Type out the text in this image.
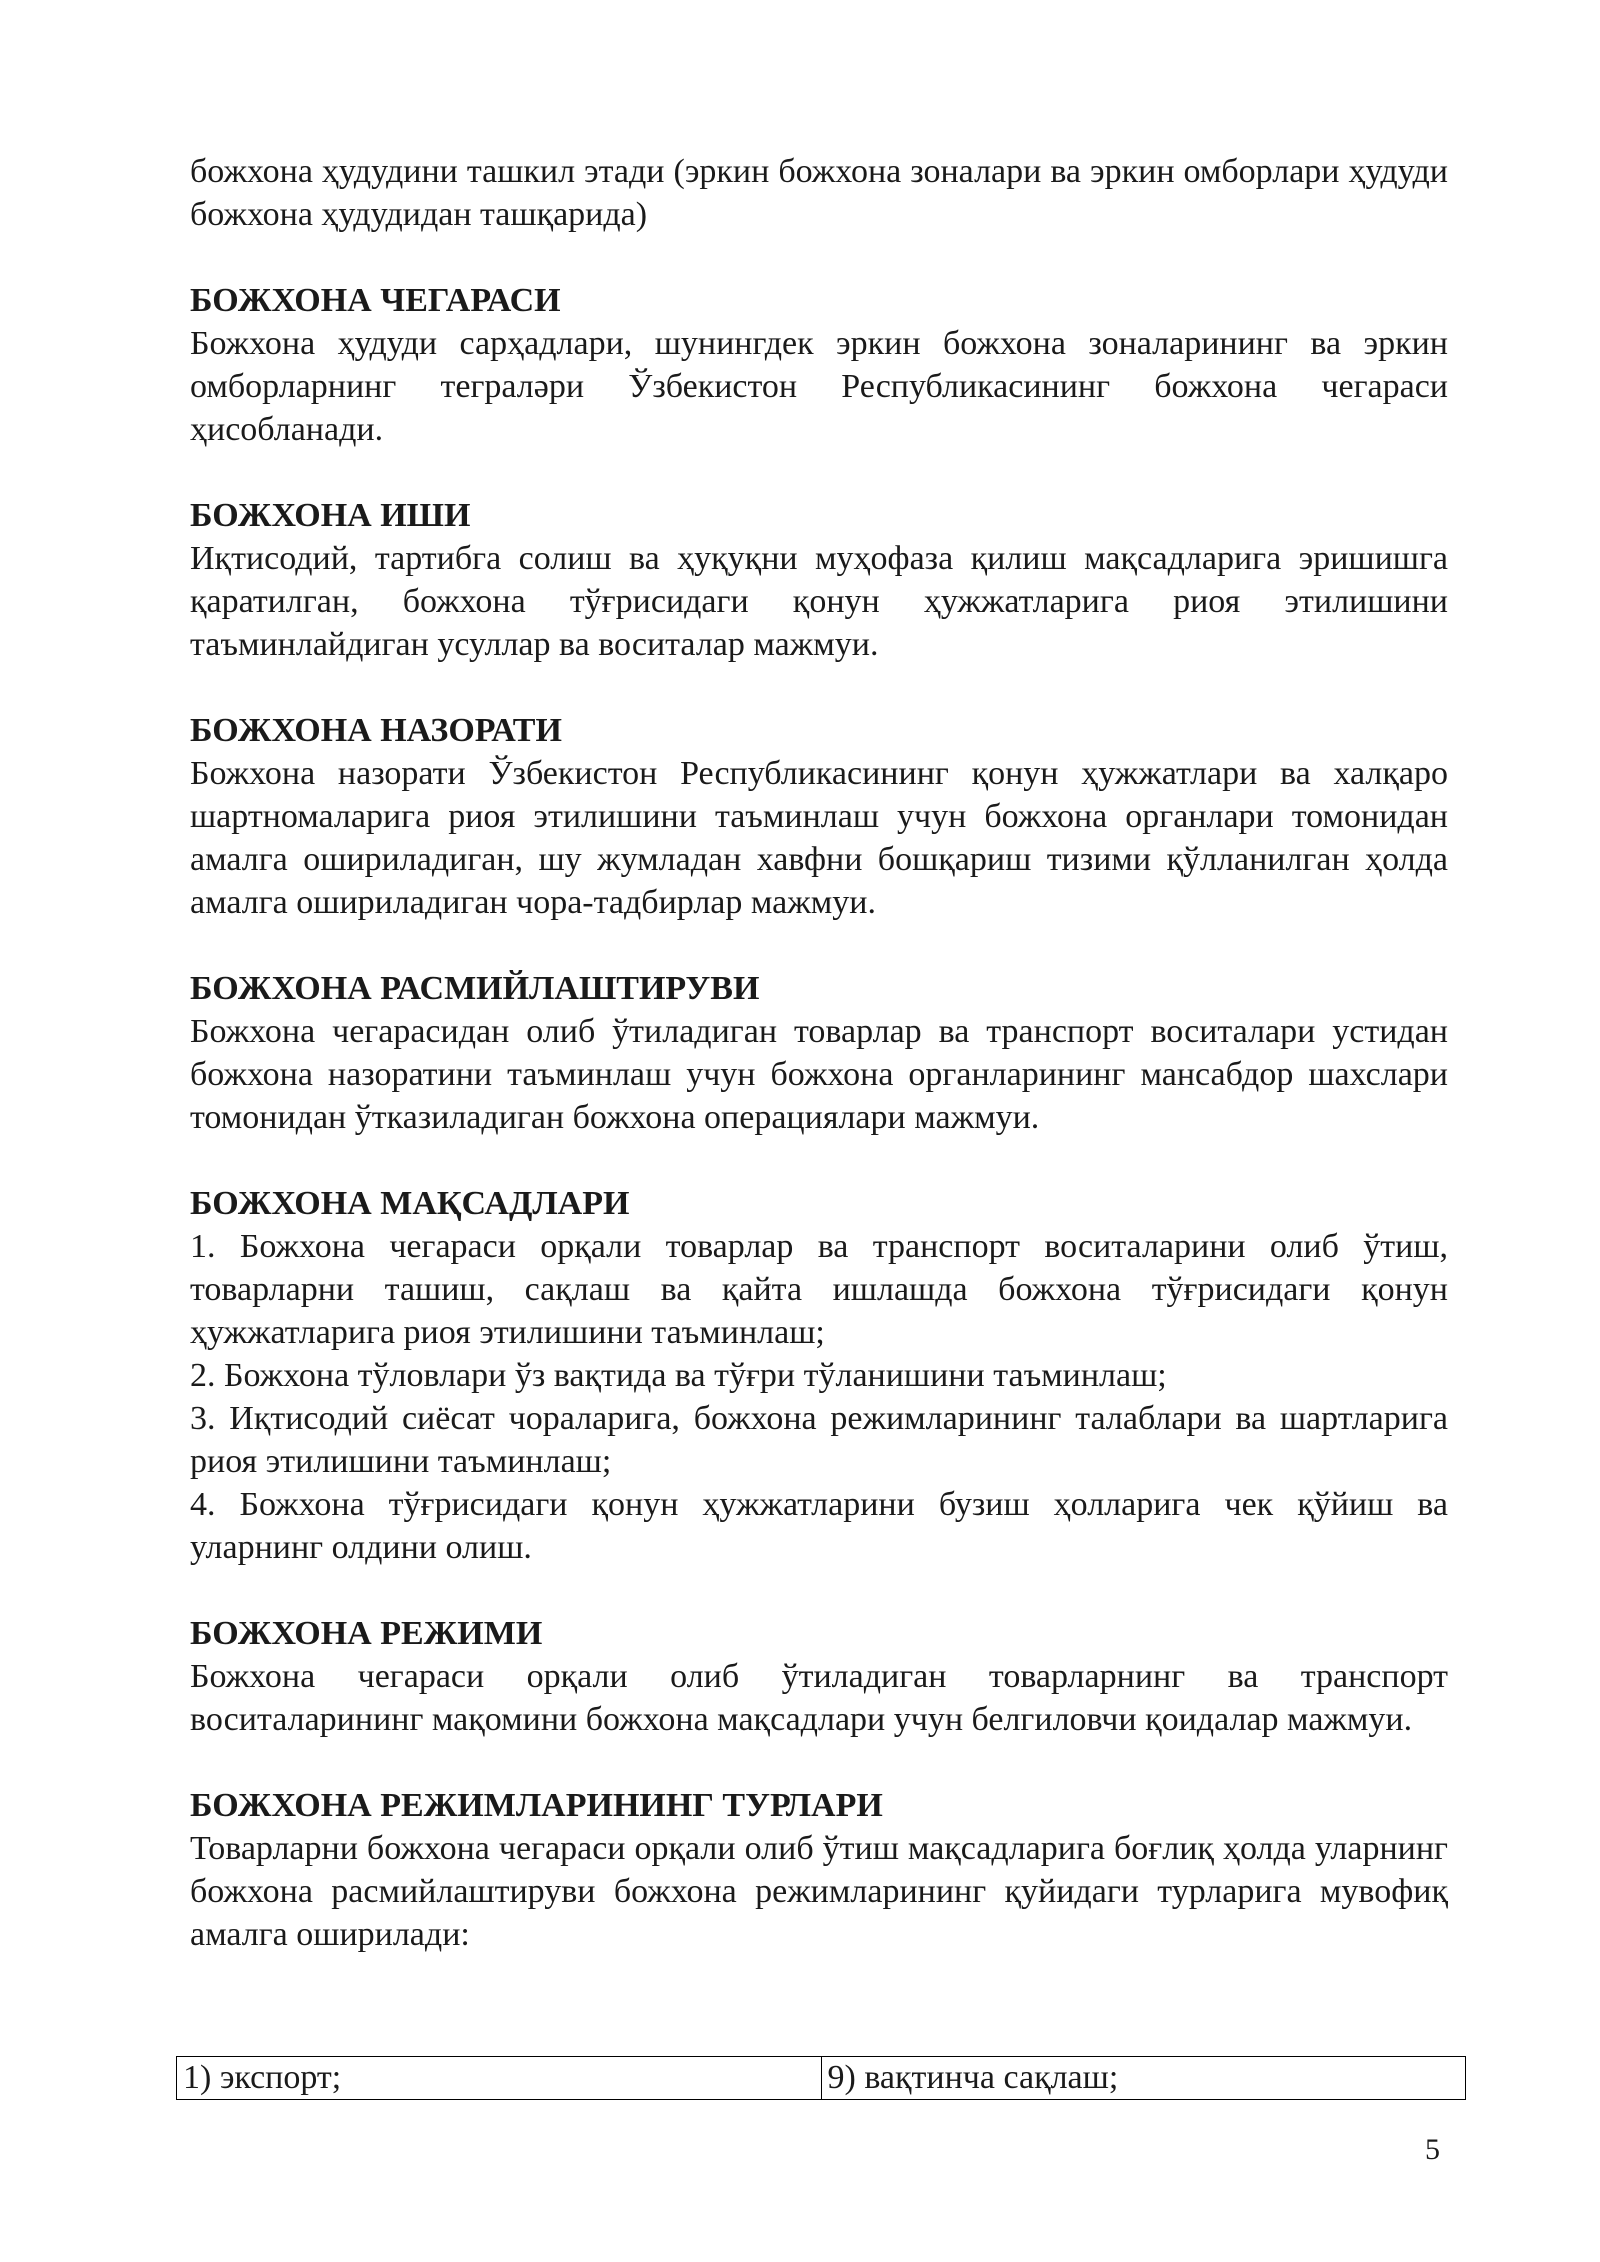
божхона ҳудудини ташкил этади (эркин божхона зоналари ва эркин омборлари ҳудуди божхона ҳудудидан ташқарида)

БОЖХОНА ЧЕГАРАСИ

Божхона ҳудуди сарҳадлари, шунингдек эркин божхона зоналарининг ва эркин омборларнинг теграләри Ўзбекистон Республикасининг божхона чегараси ҳисобланади.

БОЖХОНА ИШИ

Иқтисодий, тартибга солиш ва ҳуқуқни муҳофаза қилиш мақсадларига эришишга қаратилган, божхона тўғрисидаги қонун ҳужжатларига риоя этилишини таъминлайдиган усуллар ва воситалар мажмуи.

БОЖХОНА НАЗОРАТИ

Божхона назорати Ўзбекистон Республикасининг қонун ҳужжатлари ва халқаро шартномаларига риоя этилишини таъминлаш учун божхона органлари томонидан амалга ошириладиган, шу жумладан хавфни бошқариш тизими қўлланилган ҳолда амалга ошириладиган чора-тадбирлар мажмуи.

БОЖХОНА РАСМИЙЛАШТИРУВИ

Божхона чегарасидан олиб ўтиладиган товарлар ва транспорт воситалари устидан божхона назоратини таъминлаш учун божхона органларининг мансабдор шахслари томонидан ўтказиладиган божхона операциялари мажмуи.

БОЖХОНА МАҚСАДЛАРИ

1. Божхона чегараси орқали товарлар ва транспорт воситаларини олиб ўтиш, товарларни ташиш, сақлаш ва қайта ишлашда божхона тўғрисидаги қонун ҳужжатларига риоя этилишини таъминлаш;

2. Божхона тўловлари ўз вақтида ва тўғри тўланишини таъминлаш;

3. Иқтисодий сиёсат чораларига, божхона режимларининг талаблари ва шартларига риоя этилишини таъминлаш;

4. Божхона тўғрисидаги қонун ҳужжатларини бузиш ҳолларига чек қўйиш ва уларнинг олдини олиш.

БОЖХОНА РЕЖИМИ

Божхона чегараси орқали олиб ўтиладиган товарларнинг ва транспорт воситаларининг мақомини божхона мақсадлари учун белгиловчи қоидалар мажмуи.

БОЖХОНА РЕЖИМЛАРИНИНГ ТУРЛАРИ

Товарларни божхона чегараси орқали олиб ўтиш мақсадларига боғлиқ ҳолда уларнинг божхона расмийлаштируви божхона режимларининг қуйидаги турларига мувофиқ амалга оширилади:

1) экспорт;	9) вақтинча сақлаш;
5
